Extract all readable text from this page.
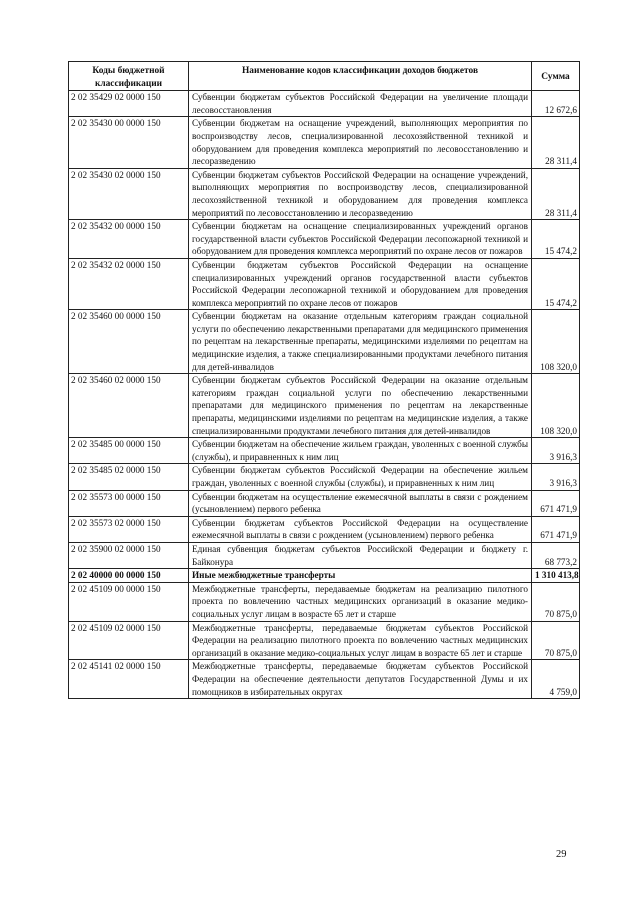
Коды бюджетной классификации	Наименование кодов классификации доходов бюджетов	Сумма
2 02 35429 02 0000 150	Субвенции бюджетам субъектов Российской Федерации на увеличение площади лесовосстановления	12 672,6
2 02 35430 00 0000 150	Субвенции бюджетам на оснащение учреждений, выполняющих мероприятия по воспроизводству лесов, специализированной лесохозяйственной техникой и оборудованием для проведения комплекса мероприятий по лесовосстановлению и лесоразведению	28 311,4
2 02 35430 02 0000 150	Субвенции бюджетам субъектов Российской Федерации на оснащение учреждений, выполняющих мероприятия по воспроизводству лесов, специализированной лесохозяйственной техникой и оборудованием для проведения комплекса мероприятий по лесовосстановлению и лесоразведению	28 311,4
2 02 35432 00 0000 150	Субвенции бюджетам на оснащение специализированных учреждений органов государственной власти субъектов Российской Федерации лесопожарной техникой и оборудованием для проведения комплекса мероприятий по охране лесов от пожаров	15 474,2
2 02 35432 02 0000 150	Субвенции бюджетам субъектов Российской Федерации на оснащение специализированных учреждений органов государственной власти субъектов Российской Федерации лесопожарной техникой и оборудованием для проведения комплекса мероприятий по охране лесов от пожаров	15 474,2
2 02 35460 00 0000 150	Субвенции бюджетам на оказание отдельным категориям граждан социальной услуги по обеспечению лекарственными препаратами для медицинского применения по рецептам на лекарственные препараты, медицинскими изделиями по рецептам на медицинские изделия, а также специализированными продуктами лечебного питания для детей-инвалидов	108 320,0
2 02 35460 02 0000 150	Субвенции бюджетам субъектов Российской Федерации на оказание отдельным категориям граждан социальной услуги по обеспечению лекарственными препаратами для медицинского применения по рецептам на лекарственные препараты, медицинскими изделиями по рецептам на медицинские изделия, а также специализированными продуктами лечебного питания для детей-инвалидов	108 320,0
2 02 35485 00 0000 150	Субвенции бюджетам на обеспечение жильем граждан, уволенных с военной службы (службы), и приравненных к ним лиц	3 916,3
2 02 35485 02 0000 150	Субвенции бюджетам субъектов Российской Федерации на обеспечение жильем граждан, уволенных с военной службы (службы), и приравненных к ним лиц	3 916,3
2 02 35573 00 0000 150	Субвенции бюджетам на осуществление ежемесячной выплаты в связи с рождением (усыновлением) первого ребенка	671 471,9
2 02 35573 02 0000 150	Субвенции бюджетам субъектов Российской Федерации на осуществление ежемесячной выплаты в связи с рождением (усыновлением) первого ребенка	671 471,9
2 02 35900 02 0000 150	Единая субвенция бюджетам субъектов Российской Федерации и бюджету г. Байконура	68 773,2
2 02 40000 00 0000 150	Иные межбюджетные трансферты	1 310 413,8
2 02 45109 00 0000 150	Межбюджетные трансферты, передаваемые бюджетам на реализацию пилотного проекта по вовлечению частных медицинских организаций в оказание медико-социальных услуг лицам в возрасте 65 лет и старше	70 875,0
2 02 45109 02 0000 150	Межбюджетные трансферты, передаваемые бюджетам субъектов Российской Федерации на реализацию пилотного проекта по вовлечению частных медицинских организаций в оказание медико-социальных услуг лицам в возрасте 65 лет и старше	70 875,0
2 02 45141 02 0000 150	Межбюджетные трансферты, передаваемые бюджетам субъектов Российской Федерации на обеспечение деятельности депутатов Государственной Думы и их помощников в избирательных округах	4 759,0
29
